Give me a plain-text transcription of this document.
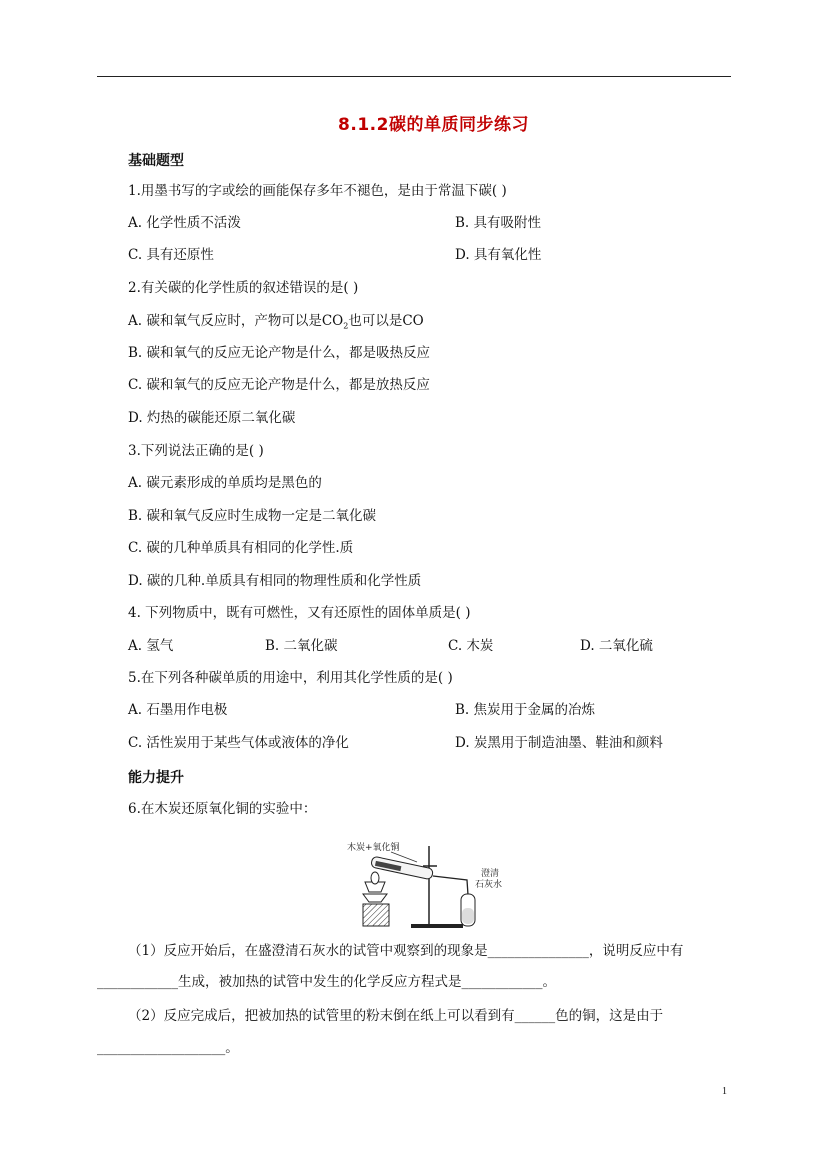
8.1.2碳的单质同步练习
基础题型
1.用墨书写的字或绘的画能保存多年不褪色，是由于常温下碳( )
A. 化学性质不活泼	B. 具有吸附性
C. 具有还原性	D. 具有氧化性
2.有关碳的化学性质的叙述错误的是( )
A. 碳和氧气反应时，产物可以是$CO_2$也可以是CO
B. 碳和氧气的反应无论产物是什么，都是吸热反应
C. 碳和氧气的反应无论产物是什么，都是放热反应
D. 灼热的碳能还原二氧化碳
3.下列说法正确的是( )
A. 碳元素形成的单质均是黑色的
B. 碳和氧气反应时生成物一定是二氧化碳
C. 碳的几种单质具有相同的化学性.质
D. 碳的几种.单质具有相同的物理性质和化学性质
4. 下列物质中，既有可燃性，又有还原性的固体单质是( )
A. 氢气	B. 二氧化碳	C. 木炭	D. 二氧化硫
5.在下列各种碳单质的用途中，利用其化学性质的是( )
A. 石墨用作电极	B. 焦炭用于金属的冶炼
C. 活性炭用于某些气体或液体的净化	D. 炭黑用于制造油墨、鞋油和颜料
能力提升
6.在木炭还原氧化铜的实验中：
木炭+氧化铜
澄清
石灰水
（1）反应开始后，在盛澄清石灰水的试管中观察到的现象是_______________，说明反应中有
____________生成，被加热的试管中发生的化学反应方程式是____________。
（2）反应完成后，把被加热的试管里的粉末倒在纸上可以看到有______色的铜，这是由于
___________________。
1
